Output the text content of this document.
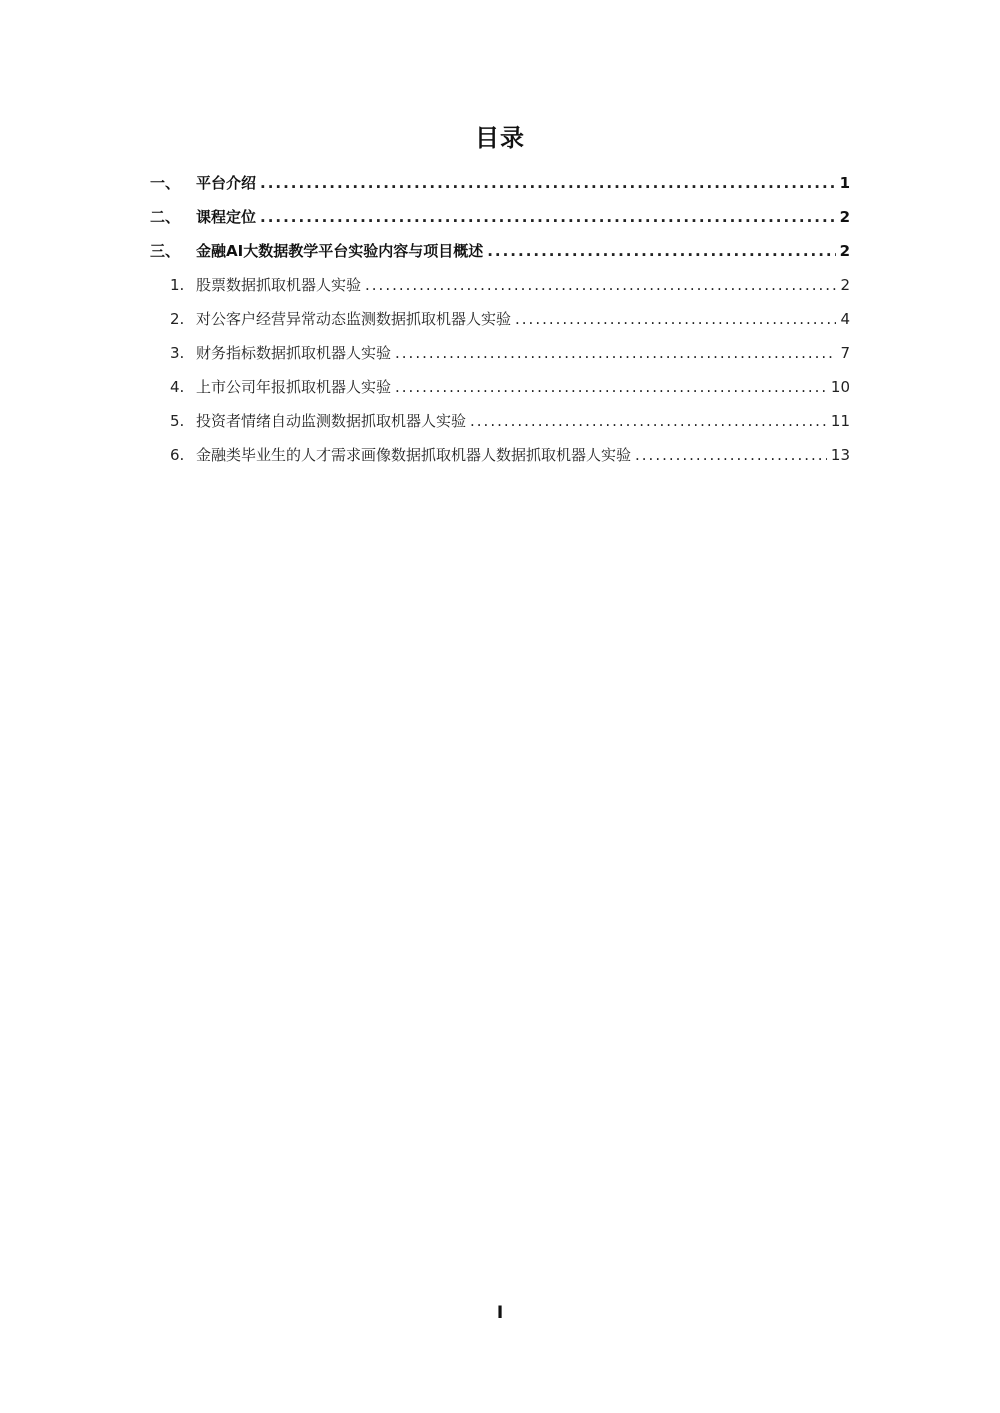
目录
一、	平台介绍 .....	1
二、	课程定位 .....	2
三、	金融AI大数据教学平台实验内容与项目概述 .....	2
1. 股票数据抓取机器人实验 .....	2
2. 对公客户经营异常动态监测数据抓取机器人实验 .....	4
3. 财务指标数据抓取机器人实验 .....	7
4. 上市公司年报抓取机器人实验 .....	10
5. 投资者情绪自动监测数据抓取机器人实验 .....	11
6. 金融类毕业生的人才需求画像数据抓取机器人数据抓取机器人实验 .....	13
I
